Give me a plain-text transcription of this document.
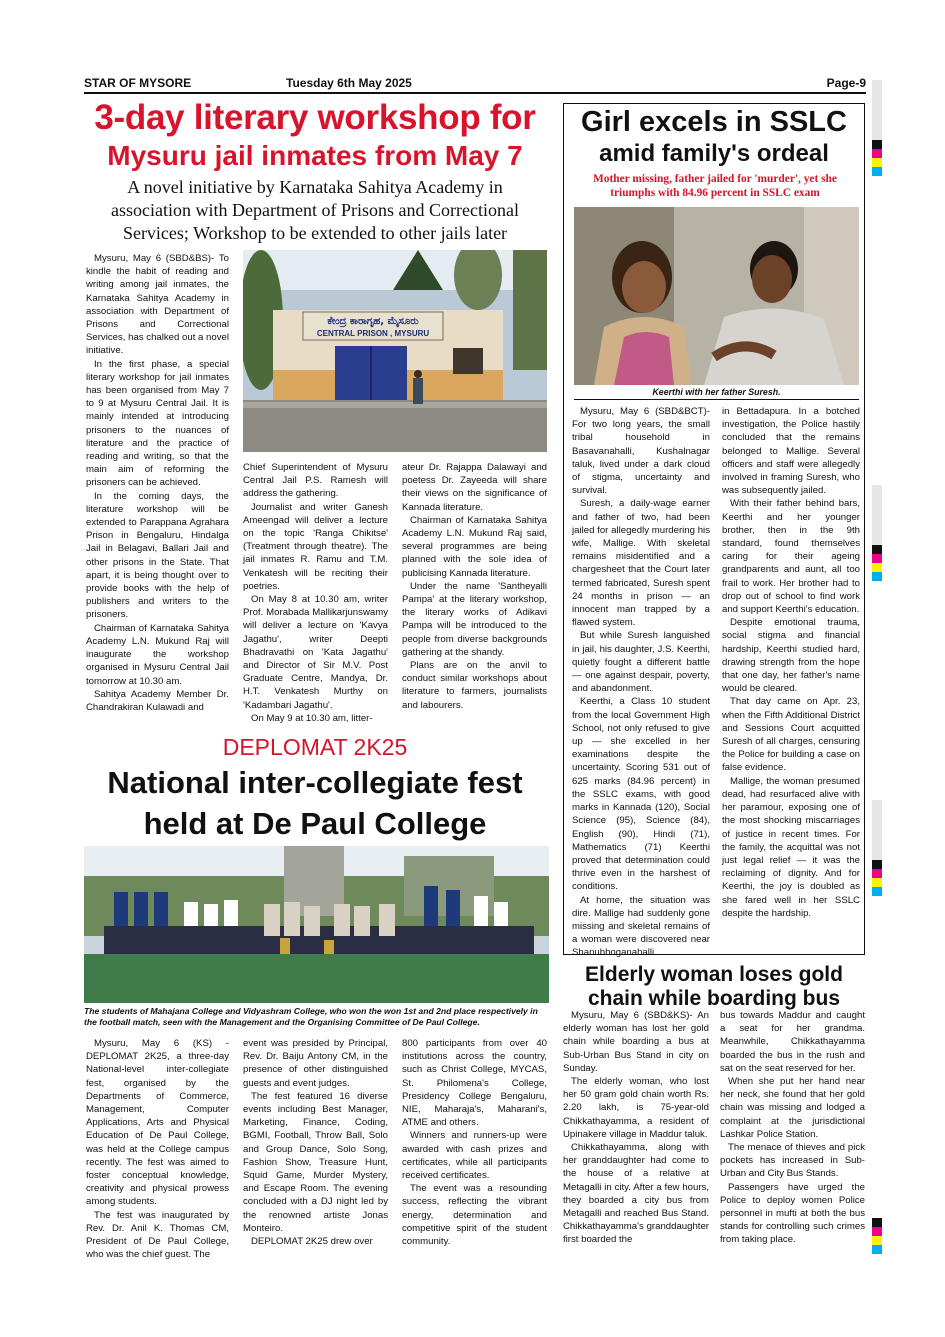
STAR OF MYSORE	Tuesday 6th May 2025	Page-9
3-day literary workshop for
Mysuru jail inmates from May 7
A novel initiative by Karnataka Sahitya Academy in association with Department of Prisons and Correctional Services; Workshop to be extended to other jails later

Mysuru, May 6 (SBD&BS)- To kindle the habit of reading and writing among jail inmates, the Karnataka Sahitya Academy in association with Department of Prisons and Correctional Services, has chalked out a novel initiative.

In the first phase, a special literary workshop for jail inmates has been organised from May 7 to 9 at Mysuru Central Jail. It is mainly intended at introducing prisoners to the nuances of literature and the practice of reading and writing, so that the main aim of reforming the prisoners can be achieved.

In the coming days, the literature workshop will be extended to Parappana Agrahara Prison in Bengaluru, Hindalga Jail in Belagavi, Ballari Jail and other prisons in the State. That apart, it is being thought over to provide books with the help of publishers and writers to the prisoners.

Chairman of Karnataka Sahitya Academy L.N. Mukund Raj will inaugurate the workshop organised in Mysuru Central Jail tomorrow at 10.30 am.

Sahitya Academy Member Dr. Chandrakiran Kulawadi and

ಕೇಂದ್ರ ಕಾರಾಗೃಹ, ಮೈಸೂರು
CENTRAL PRISON , MYSURU

Chief Superintendent of Mysuru Central Jail P.S. Ramesh will address the gathering.

Journalist and writer Ganesh Ameengad will deliver a lecture on the topic 'Ranga Chikitse' (Treatment through theatre). The jail inmates R. Ramu and T.M. Venkatesh will be reciting their poetries.

On May 8 at 10.30 am, writer Prof. Morabada Mallikarjunswamy will deliver a lecture on 'Kavya Jagathu', writer Deepti Bhadravathi on 'Kata Jagathu' and Director of Sir M.V. Post Graduate Centre, Mandya, Dr. H.T. Venkatesh Murthy on 'Kadambari Jagathu'.

On May 9 at 10.30 am, litter-

ateur Dr. Rajappa Dalawayi and poetess Dr. Zayeeda will share their views on the significance of Kannada literature.

Chairman of Karnataka Sahitya Academy L.N. Mukund Raj said, several programmes are being planned with the sole idea of publicising Kannada literature.

Under the name 'Santheyalli Pampa' at the literary workshop, the literary works of Adikavi Pampa will be introduced to the people from diverse backgrounds gathering at the shandy.

Plans are on the anvil to conduct similar workshops about literature to farmers, journalists and labourers.

DEPLOMAT 2K25
National inter-collegiate fest
held at De Paul College
The students of Mahajana College and Vidyashram College, who won the won 1st and 2nd place respectively in the football match, seen with the Management and the Organising Committee of De Paul College.

Mysuru, May 6 (KS) - DEPLOMAT 2K25, a three-day National-level inter-collegiate fest, organised by the Departments of Commerce, Management, Computer Applications, Arts and Physical Education of De Paul College, was held at the College campus recently. The fest was aimed to foster conceptual knowledge, creativity and physical prowess among students.

The fest was inaugurated by Rev. Dr. Anil K. Thomas CM, President of De Paul College, who was the chief guest. The

event was presided by Principal, Rev. Dr. Baiju Antony CM, in the presence of other distinguished guests and event judges.

The fest featured 16 diverse events including Best Manager, Marketing, Finance, Coding, BGMI, Football, Throw Ball, Solo and Group Dance, Solo Song, Fashion Show, Treasure Hunt, Squid Game, Murder Mystery, and Escape Room. The evening concluded with a DJ night led by the renowned artiste Jonas Monteiro.

DEPLOMAT 2K25 drew over

800 participants from over 40 institutions across the country, such as Christ College, MYCAS, St. Philomena's College, Presidency College Bengaluru, NIE, Maharaja's, Maharani's, ATME and others.

Winners and runners-up were awarded with cash prizes and certificates, while all participants received certificates.

The event was a resounding success, reflecting the vibrant energy, determination and competitive spirit of the student community.

Girl excels in SSLC
amid family's ordeal
Mother missing, father jailed for 'murder', yet she triumphs with 84.96 percent in SSLC exam
Keerthi with her father Suresh.

Mysuru, May 6 (SBD&BCT)- For two long years, the small tribal household in Basavanahalli, Kushalnagar taluk, lived under a dark cloud of stigma, uncertainty and survival.

Suresh, a daily-wage earner and father of two, had been jailed for allegedly murdering his wife, Mallige. With skeletal remains misidentified and a chargesheet that the Court later termed fabricated, Suresh spent 24 months in prison — an innocent man trapped by a flawed system.

But while Suresh languished in jail, his daughter, J.S. Keerthi, quietly fought a different battle — one against despair, poverty, and abandonment.

Keerthi, a Class 10 student from the local Government High School, not only refused to give up — she excelled in her examinations despite the uncertainty. Scoring 531 out of 625 marks (84.96 percent) in the SSLC exams, with good marks in Kannada (120), Social Science (95), Science (84), English (90), Hindi (71), Mathematics (71) Keerthi proved that determination could thrive even in the harshest of conditions.

At home, the situation was dire. Mallige had suddenly gone missing and skeletal remains of a woman were discovered near Shanubhoganahalli

in Bettadapura. In a botched investigation, the Police hastily concluded that the remains belonged to Mallige. Several officers and staff were allegedly involved in framing Suresh, who was subsequently jailed.

With their father behind bars, Keerthi and her younger brother, then in the 9th standard, found themselves caring for their ageing grandparents and aunt, all too frail to work. Her brother had to drop out of school to find work and support Keerthi's education.

Despite emotional trauma, social stigma and financial hardship, Keerthi studied hard, drawing strength from the hope that one day, her father's name would be cleared.

That day came on Apr. 23, when the Fifth Additional District and Sessions Court acquitted Suresh of all charges, censuring the Police for building a case on false evidence.

Mallige, the woman presumed dead, had resurfaced alive with her paramour, exposing one of the most shocking miscarriages of justice in recent times. For the family, the acquittal was not just legal relief — it was the reclaiming of dignity. And for Keerthi, the joy is doubled as she fared well in her SSLC despite the hardship.

Elderly woman loses gold
chain while boarding bus

Mysuru, May 6 (SBD&KS)- An elderly woman has lost her gold chain while boarding a bus at Sub-Urban Bus Stand in city on Sunday.

The elderly woman, who lost her 50 gram gold chain worth Rs. 2.20 lakh, is 75-year-old Chikkathayamma, a resident of Upinakere village in Maddur taluk.

Chikkathayamma, along with her granddaughter had come to the house of a relative at Metagalli in city. After a few hours, they boarded a city bus from Metagalli and reached Bus Stand. Chikkathayamma's granddaughter first boarded the

bus towards Maddur and caught a seat for her grandma. Meanwhile, Chikkathayamma boarded the bus in the rush and sat on the seat reserved for her.

When she put her hand near her neck, she found that her gold chain was missing and lodged a complaint at the jurisdictional Lashkar Police Station.

The menace of thieves and pick pockets has increased in Sub-Urban and City Bus Stands.

Passengers have urged the Police to deploy women Police personnel in mufti at both the bus stands for controlling such crimes from taking place.
